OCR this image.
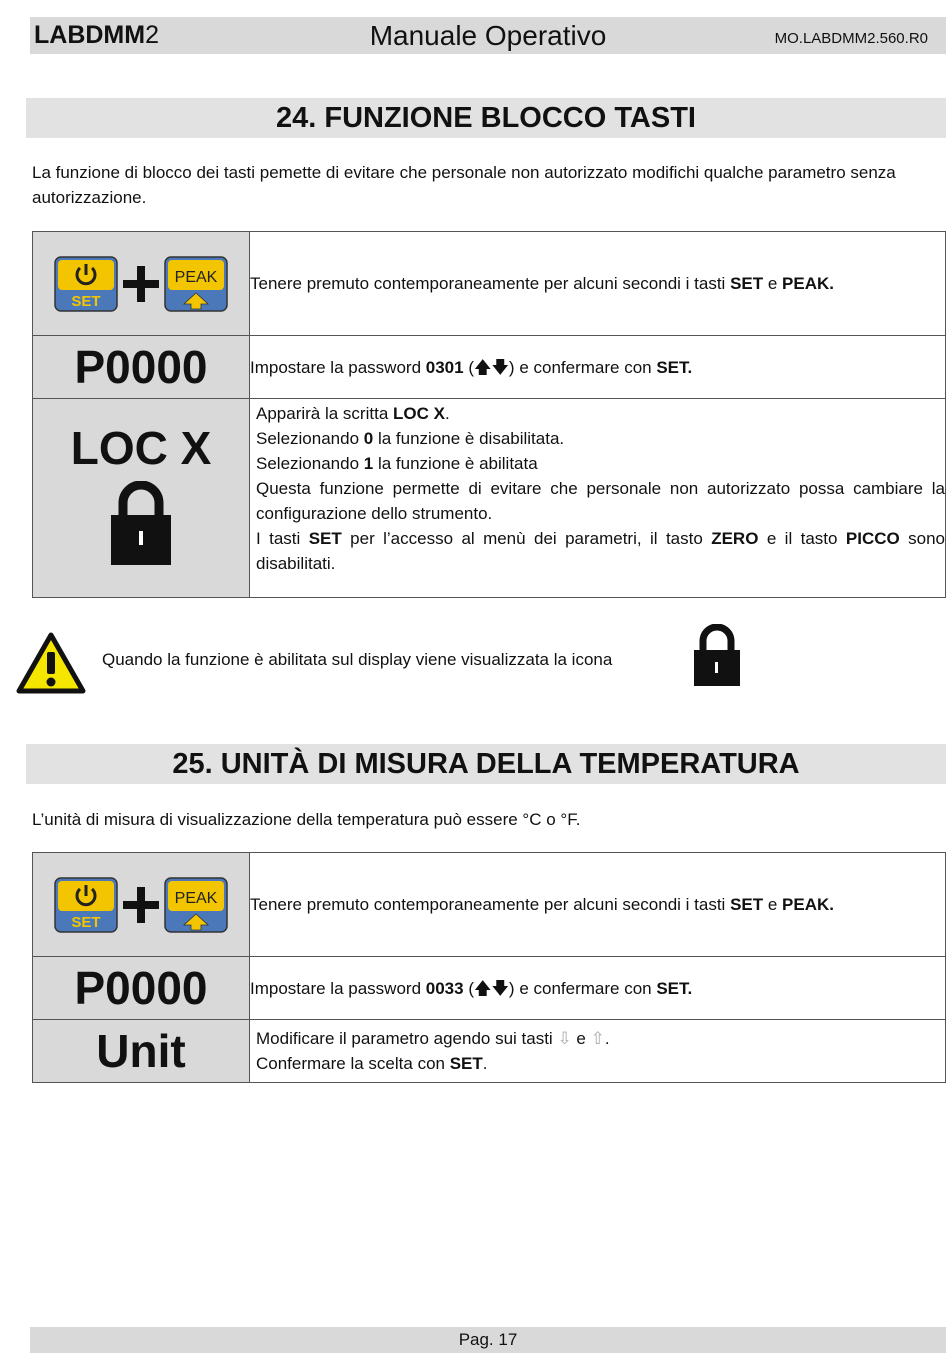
LABDMM2	Manuale Operativo	MO.LABDMM2.560.R0
24. FUNZIONE BLOCCO TASTI
La funzione di blocco dei tasti pemette di evitare che personale non autorizzato modifichi qualche parametro senza autorizzazione.
SET
PEAK	Tenere premuto contemporaneamente per alcuni secondi i tasti SET e PEAK.
P0000	Impostare la password 0301 (🡅🡇) e confermare con SET.

LOC X	Apparirà la scritta LOC X.
Selezionando 0 la funzione è disabilitata.
Selezionando 1 la funzione è abilitata
Questa funzione permette di evitare che personale non autorizzato possa cambiare la configurazione dello strumento.
I tasti SET per l’accesso al menù dei parametri, il tasto ZERO e il tasto PICCO sono disabilitati.
Quando la funzione è abilitata sul display viene visualizzata la icona
25. UNITÀ DI MISURA DELLA TEMPERATURA
L’unità di misura di visualizzazione della temperatura può essere °C o °F.
SET
PEAK	Tenere premuto contemporaneamente per alcuni secondi i tasti SET e PEAK.
P0000	Impostare la password 0033 (🡅🡇) e confermare con SET.
Unit	Modificare il parametro agendo sui tasti ⇩ e ⇧.
Confermare la scelta con SET.
Pag. 17
